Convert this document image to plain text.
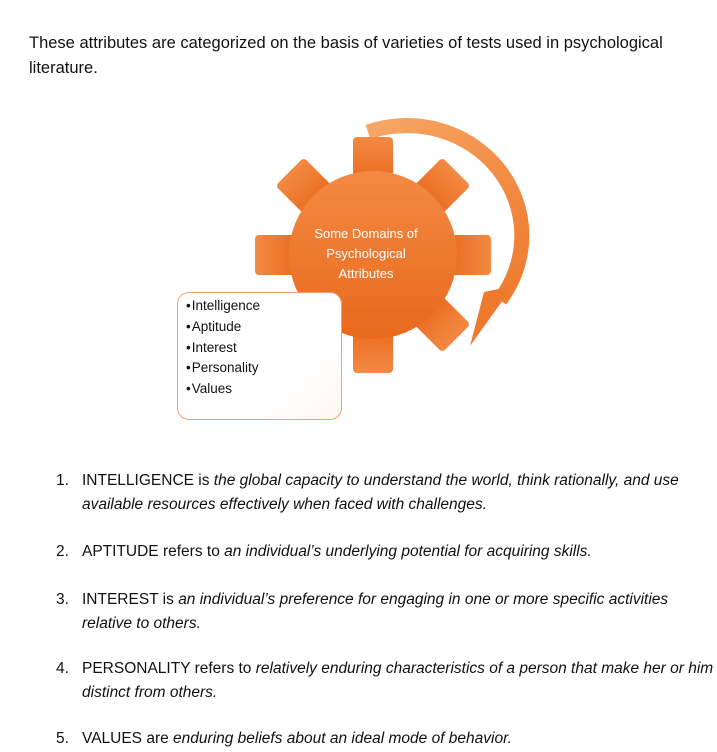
These attributes are categorized on the basis of varieties of tests used in psychological literature.
Some Domains of
Psychological
Attributes
• Intelligence
• Aptitude
• Interest
• Personality
• Values
1. INTELLIGENCE is the global capacity to understand the world, think rationally, and use available resources effectively when faced with challenges.
2. APTITUDE refers to an individual’s underlying potential for acquiring skills.
3. INTEREST is an individual’s preference for engaging in one or more specific activities relative to others.
4. PERSONALITY refers to relatively enduring characteristics of a person that make her or him distinct from others.
5. VALUES are enduring beliefs about an ideal mode of behavior.
